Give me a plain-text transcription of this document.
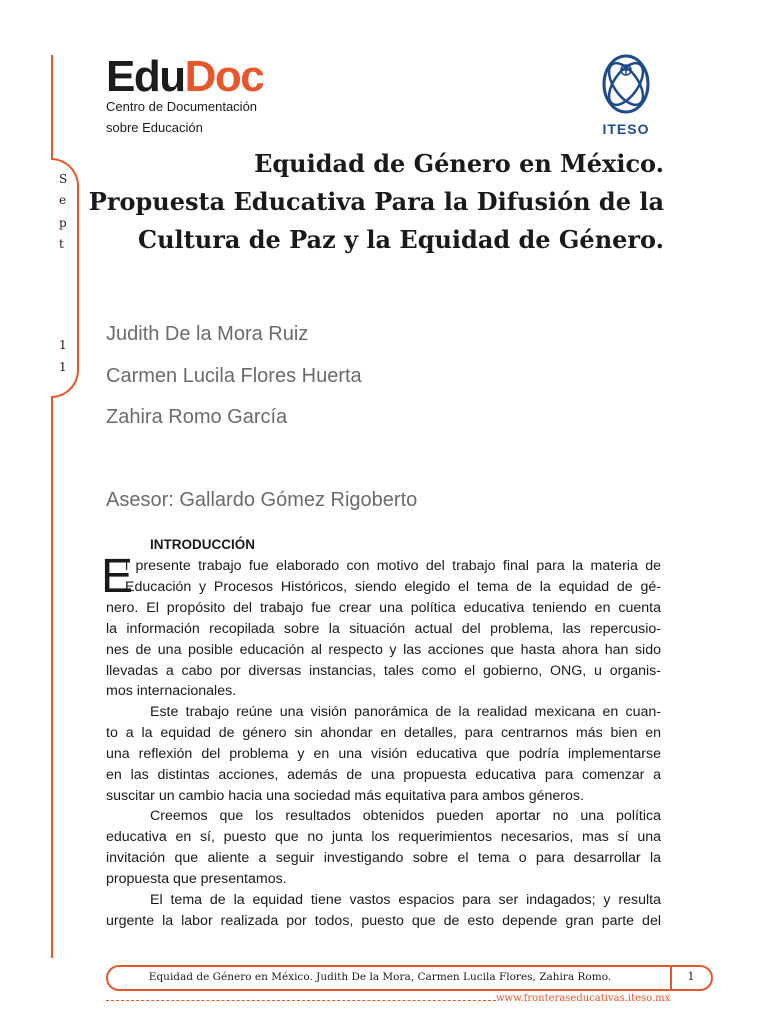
S
e
p
t
1
1
EduDoc
Centro de Documentación
sobre Educación	ITESO
Equidad de Género en México.
Propuesta Educativa Para la Difusión de la
Cultura de Paz y la Equidad de Género.
Judith De la Mora Ruiz
Carmen Lucila Flores Huerta
Zahira Romo García
Asesor: Gallardo Gómez Rigoberto
INTRODUCCIÓN
E
l presente trabajo fue elaborado con motivo del trabajo final para la materia de
Educación y Procesos Históricos, siendo elegido el tema de la equidad de gé-
nero. El propósito del trabajo fue crear una política educativa teniendo en cuenta
la información recopilada sobre la situación actual del problema, las repercusio-
nes de una posible educación al respecto y las acciones que hasta ahora han sido
llevadas a cabo por diversas instancias, tales como el gobierno, ONG, u organis-
mos internacionales.
Este trabajo reúne una visión panorámica de la realidad mexicana en cuan-
to a la equidad de género sin ahondar en detalles, para centrarnos más bien en
una reflexión del problema y en una visión educativa que podría implementarse
en las distintas acciones, además de una propuesta educativa para comenzar a
suscitar un cambio hacia una sociedad más equitativa para ambos géneros.
Creemos que los resultados obtenidos pueden aportar no una política
educativa en sí, puesto que no junta los requerimientos necesarios, mas sí una
invitación que aliente a seguir investigando sobre el tema o para desarrollar la
propuesta que presentamos.
El tema de la equidad tiene vastos espacios para ser indagados; y resulta
urgente la labor realizada por todos, puesto que de esto depende gran parte del
Equidad de Género en México. Judith De la Mora, Carmen Lucila Flores, Zahira Romo.	1
www.fronteraseducativas.iteso.mx
